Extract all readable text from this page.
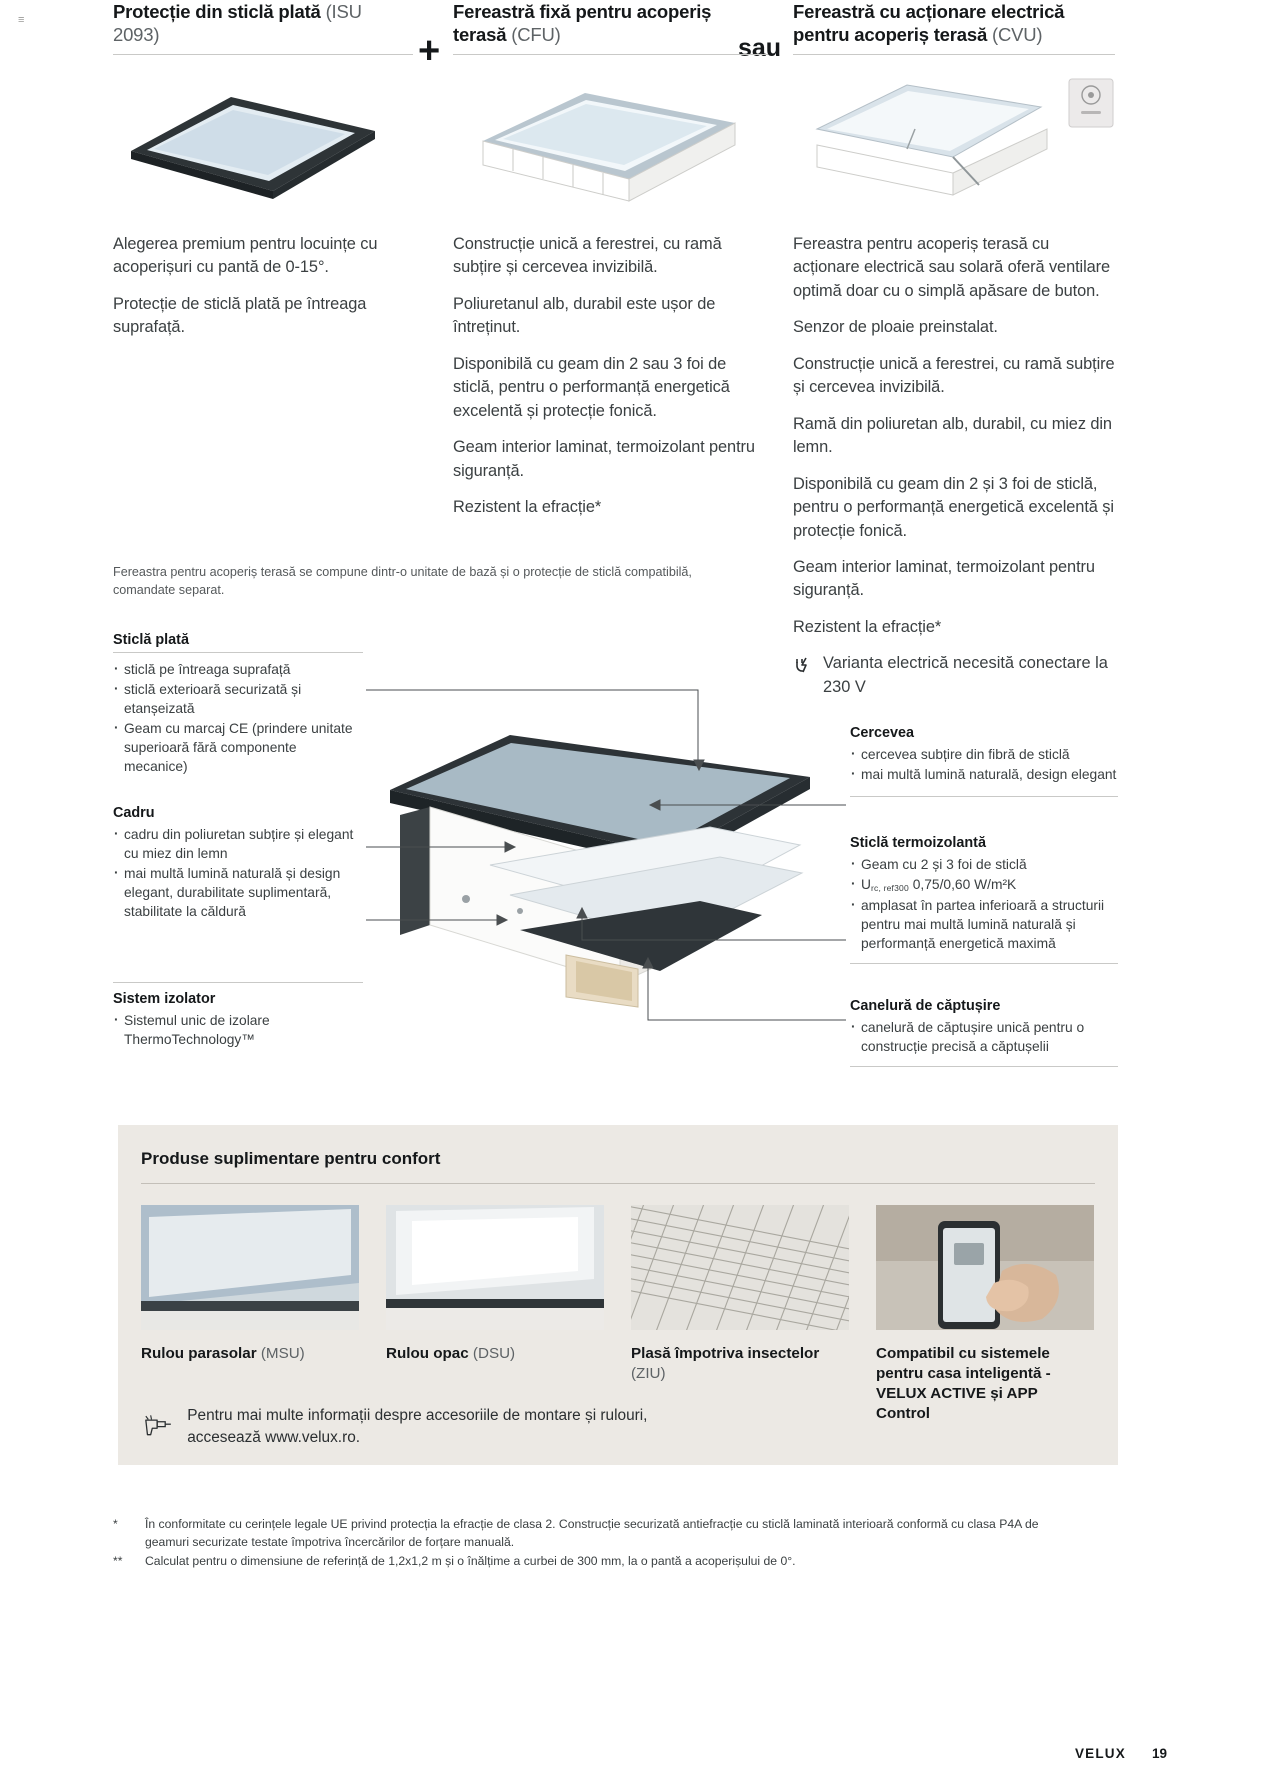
≡
+	sau
Protecție din sticlă plată (ISU 2093)

Alegerea premium pentru locuințe cu acoperișuri cu pantă de 0-15°.

Protecție de sticlă plată pe întreaga suprafață.

Fereastră fixă pentru acoperiș terasă (CFU)

Construcție unică a ferestrei, cu ramă subțire și cercevea invizibilă.

Poliuretanul alb, durabil este ușor de întreținut.

Disponibilă cu geam din 2 sau 3 foi de sticlă, pentru o performanță energetică excelentă și protecție fonică.

Geam interior laminat, termoizolant pentru siguranță.

Rezistent la efracție*

Fereastră cu acționare electrică pentru acoperiș terasă (CVU)

Fereastra pentru acoperiș terasă cu acționare electrică sau solară oferă ventilare optimă doar cu o simplă apăsare de buton.

Senzor de ploaie preinstalat.

Construcție unică a ferestrei, cu ramă subțire și cercevea invizibilă.

Ramă din poliuretan alb, durabil, cu miez din lemn.

Disponibilă cu geam din 2 și 3 foi de sticlă, pentru o performanță energetică excelentă și protecție fonică.

Geam interior laminat, termoizolant pentru siguranță.

Rezistent la efracție*

Varianta electrică necesită conectare la 230 V
Fereastra pentru acoperiș terasă se compune dintr-o unitate de bază și o protecție de sticlă compatibilă, comandate separat.
Sticlă plată
· sticlă pe întreaga suprafață
· sticlă exterioară securizată și etanșeizată
· Geam cu marcaj CE (prindere unitate superioară fără componente mecanice)
Cadru
· cadru din poliuretan subțire și elegant cu miez din lemn
· mai multă lumină naturală și design elegant, durabilitate suplimentară, stabilitate la căldură
Sistem izolator
· Sistemul unic de izolare ThermoTechnology™
Cercevea
· cercevea subțire din fibră de sticlă
· mai multă lumină naturală, design elegant
Sticlă termoizolantă
· Geam cu 2 și 3 foi de sticlă
· $U_{rc, ref300}$ 0,75/0,60 W/m²K
· amplasat în partea inferioară a structurii pentru mai multă lumină naturală și performanță energetică maximă
Canelură de căptușire
· canelură de căptușire unică pentru o construcție precisă a căptușelii
Produse suplimentare pentru confort
Rulou parasolar (MSU)	Rulou opac (DSU)	Plasă împotriva insectelor (ZIU)
Compatibil cu sistemele pentru casa inteligentă - VELUX ACTIVE și APP Control
Pentru mai multe informații despre accesoriile de montare și rulouri, accesează www.velux.ro.
*	În conformitate cu cerințele legale UE privind protecția la efracție de clasa 2. Construcție securizată antiefracție cu sticlă laminată interioară conformă cu clasa P4A de geamuri securizate testate împotriva încercărilor de forțare manuală.
**	Calculat pentru o dimensiune de referință de 1,2x1,2 m și o înălțime a curbei de 300 mm, la o pantă a acoperișului de 0°.
VELUX 19
